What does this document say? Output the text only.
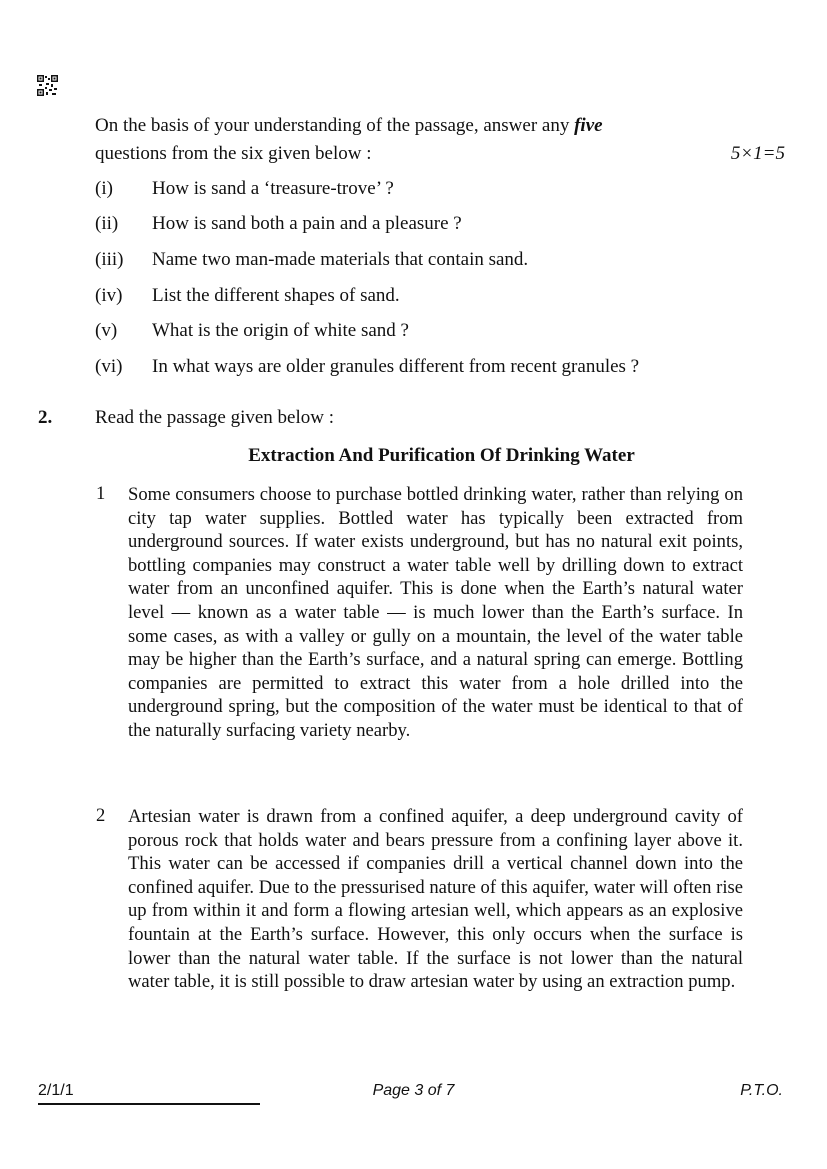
On the basis of your understanding of the passage, answer any five
questions from the six given below :	5×1=5
(i) How is sand a ‘treasure-trove’ ?
(ii) How is sand both a pain and a pleasure ?
(iii) Name two man-made materials that contain sand.
(iv) List the different shapes of sand.
(v) What is the origin of white sand ?
(vi) In what ways are older granules different from recent granules ?
2. Read the passage given below :
Extraction And Purification Of Drinking Water
1 Some consumers choose to purchase bottled drinking water, rather than relying on city tap water supplies. Bottled water has typically been extracted from underground sources. If water exists underground, but has no natural exit points, bottling companies may construct a water table well by drilling down to extract water from an unconfined aquifer. This is done when the Earth’s natural water level — known as a water table — is much lower than the Earth’s surface. In some cases, as with a valley or gully on a mountain, the level of the water table may be higher than the Earth’s surface, and a natural spring can emerge. Bottling companies are permitted to extract this water from a hole drilled into the underground spring, but the composition of the water must be identical to that of the naturally surfacing variety nearby.
2 Artesian water is drawn from a confined aquifer, a deep underground cavity of porous rock that holds water and bears pressure from a confining layer above it. This water can be accessed if companies drill a vertical channel down into the confined aquifer. Due to the pressurised nature of this aquifer, water will often rise up from within it and form a flowing artesian well, which appears as an explosive fountain at the Earth’s surface. However, this only occurs when the surface is lower than the natural water table. If the surface is not lower than the natural water table, it is still possible to draw artesian water by using an extraction pump.
2/1/1	Page 3 of 7	P.T.O.
